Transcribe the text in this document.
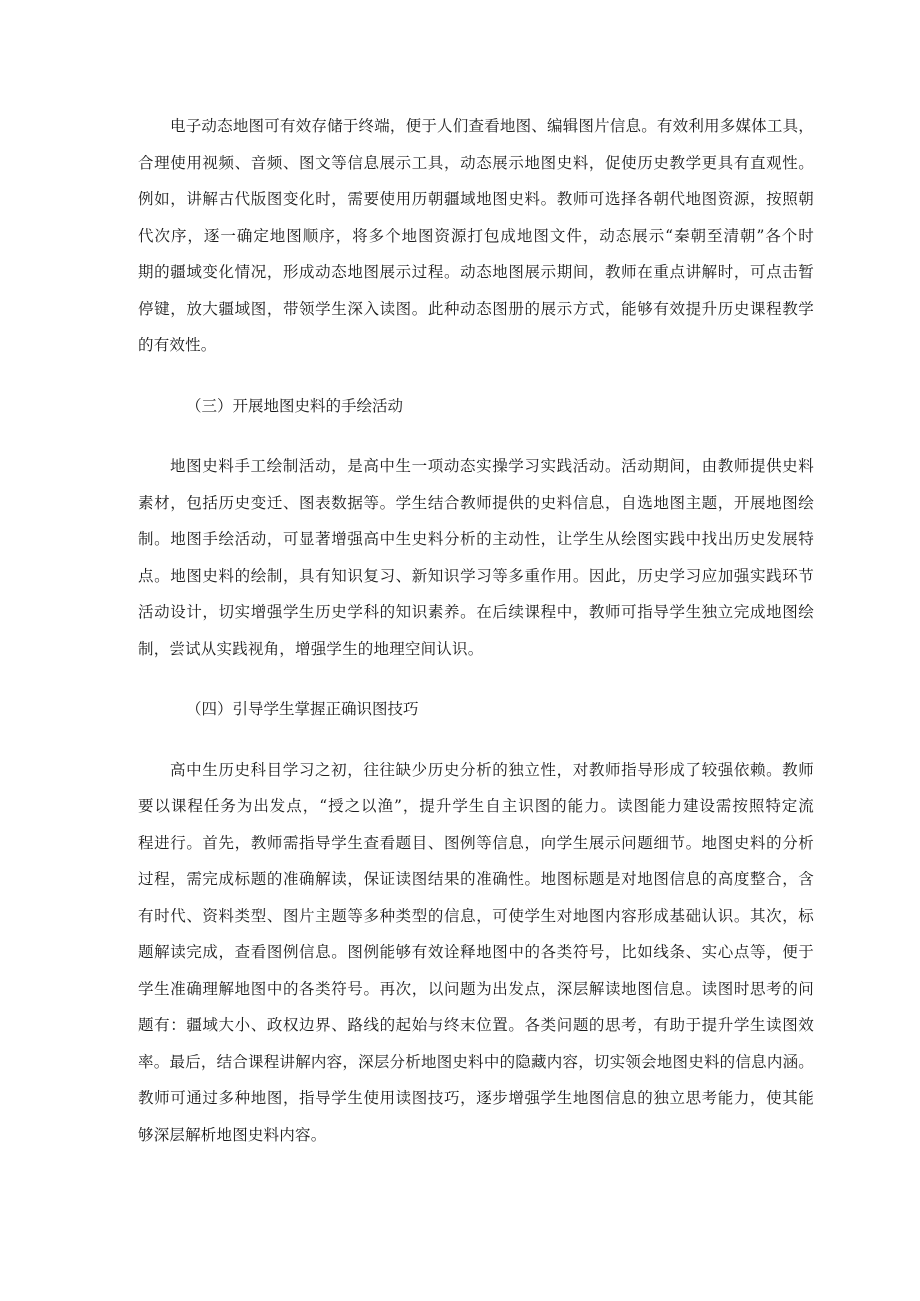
电子动态地图可有效存储于终端，便于人们查看地图、编辑图片信息。有效利用多媒体工具，
合理使用视频、音频、图文等信息展示工具，动态展示地图史料，促使历史教学更具有直观性。
例如，讲解古代版图变化时，需要使用历朝疆域地图史料。教师可选择各朝代地图资源，按照朝
代次序，逐一确定地图顺序，将多个地图资源打包成地图文件，动态展示“秦朝至清朝”各个时
期的疆域变化情况，形成动态地图展示过程。动态地图展示期间，教师在重点讲解时，可点击暂
停键，放大疆域图，带领学生深入读图。此种动态图册的展示方式，能够有效提升历史课程教学
的有效性。
（三）开展地图史料的手绘活动
地图史料手工绘制活动，是高中生一项动态实操学习实践活动。活动期间，由教师提供史料
素材，包括历史变迁、图表数据等。学生结合教师提供的史料信息，自选地图主题，开展地图绘
制。地图手绘活动，可显著增强高中生史料分析的主动性，让学生从绘图实践中找出历史发展特
点。地图史料的绘制，具有知识复习、新知识学习等多重作用。因此，历史学习应加强实践环节
活动设计，切实增强学生历史学科的知识素养。在后续课程中，教师可指导学生独立完成地图绘
制，尝试从实践视角，增强学生的地理空间认识。
（四）引导学生掌握正确识图技巧
高中生历史科目学习之初，往往缺少历史分析的独立性，对教师指导形成了较强依赖。教师
要以课程任务为出发点，“授之以渔”，提升学生自主识图的能力。读图能力建设需按照特定流
程进行。首先，教师需指导学生查看题目、图例等信息，向学生展示问题细节。地图史料的分析
过程，需完成标题的准确解读，保证读图结果的准确性。地图标题是对地图信息的高度整合，含
有时代、资料类型、图片主题等多种类型的信息，可使学生对地图内容形成基础认识。其次，标
题解读完成，查看图例信息。图例能够有效诠释地图中的各类符号，比如线条、实心点等，便于
学生准确理解地图中的各类符号。再次，以问题为出发点，深层解读地图信息。读图时思考的问
题有：疆域大小、政权边界、路线的起始与终末位置。各类问题的思考，有助于提升学生读图效
率。最后，结合课程讲解内容，深层分析地图史料中的隐藏内容，切实领会地图史料的信息内涵。
教师可通过多种地图，指导学生使用读图技巧，逐步增强学生地图信息的独立思考能力，使其能
够深层解析地图史料内容。
